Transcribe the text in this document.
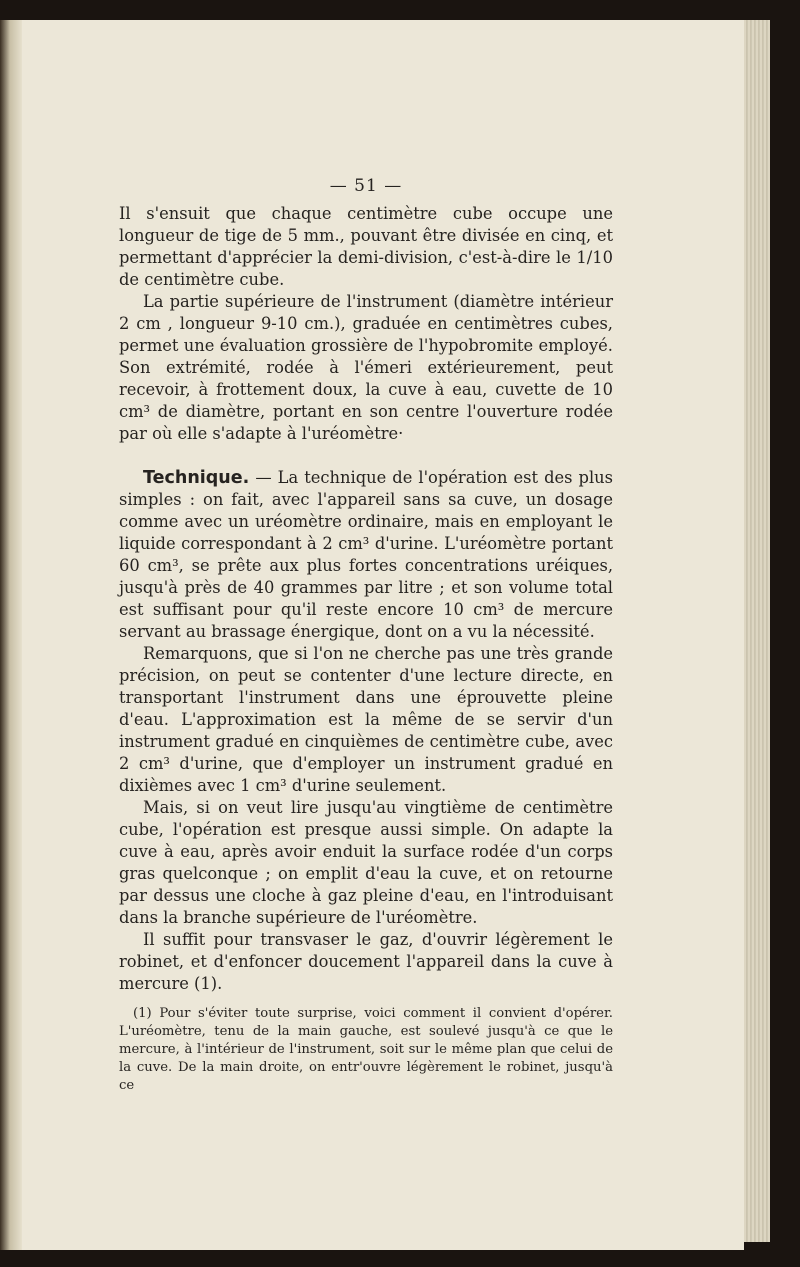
— 51 —

Il s'ensuit que chaque centimètre cube occupe une longueur de tige de 5 mm., pouvant être divisée en cinq, et permettant d'apprécier la demi-division, c'est-à-dire le 1/10 de centimètre cube.

La partie supérieure de l'instrument (diamètre intérieur 2 cm , longueur 9-10 cm.), graduée en centimètres cubes, permet une évaluation grossière de l'hypobromite employé. Son extrémité, rodée à l'émeri extérieurement, peut recevoir, à frottement doux, la cuve à eau, cuvette de 10 cm³ de diamètre, portant en son centre l'ouverture rodée par où elle s'adapte à l'uréomètre·

Technique. — La technique de l'opération est des plus simples : on fait, avec l'appareil sans sa cuve, un dosage comme avec un uréomètre ordinaire, mais en employant le liquide correspondant à 2 cm³ d'urine. L'uréomètre portant 60 cm³, se prête aux plus fortes concentrations uréiques, jusqu'à près de 40 grammes par litre ; et son volume total est suffisant pour qu'il reste encore 10 cm³ de mercure servant au brassage énergique, dont on a vu la nécessité.

Remarquons, que si l'on ne cherche pas une très grande précision, on peut se contenter d'une lecture directe, en transportant l'instrument dans une éprouvette pleine d'eau. L'approximation est la même de se servir d'un instrument gradué en cinquièmes de centimètre cube, avec 2 cm³ d'urine, que d'employer un instrument gradué en dixièmes avec 1 cm³ d'urine seulement.

Mais, si on veut lire jusqu'au vingtième de centimètre cube, l'opération est presque aussi simple. On adapte la cuve à eau, après avoir enduit la surface rodée d'un corps gras quelconque ; on emplit d'eau la cuve, et on retourne par dessus une cloche à gaz pleine d'eau, en l'introduisant dans la branche supérieure de l'uréomètre.

Il suffit pour transvaser le gaz, d'ouvrir légèrement le robinet, et d'enfoncer doucement l'appareil dans la cuve à mercure (1).

(1) Pour s'éviter toute surprise, voici comment il convient d'opérer. L'uréomètre, tenu de la main gauche, est soulevé jusqu'à ce que le mercure, à l'intérieur de l'instrument, soit sur le même plan que celui de la cuve. De la main droite, on entr'ouvre légèrement le robinet, jusqu'à ce
